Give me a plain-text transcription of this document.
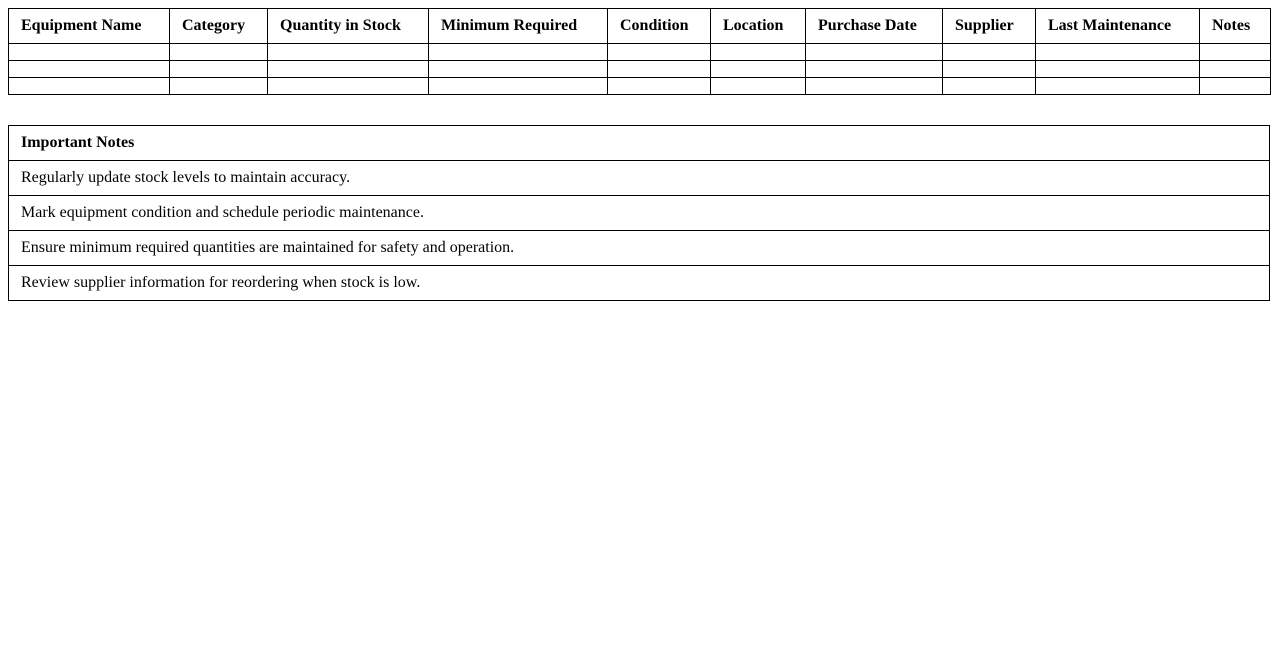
Equipment Name	Category	Quantity in Stock	Minimum Required	Condition	Location	Purchase Date	Supplier	Last Maintenance	Notes

Important Notes
Regularly update stock levels to maintain accuracy.
Mark equipment condition and schedule periodic maintenance.
Ensure minimum required quantities are maintained for safety and operation.
Review supplier information for reordering when stock is low.
